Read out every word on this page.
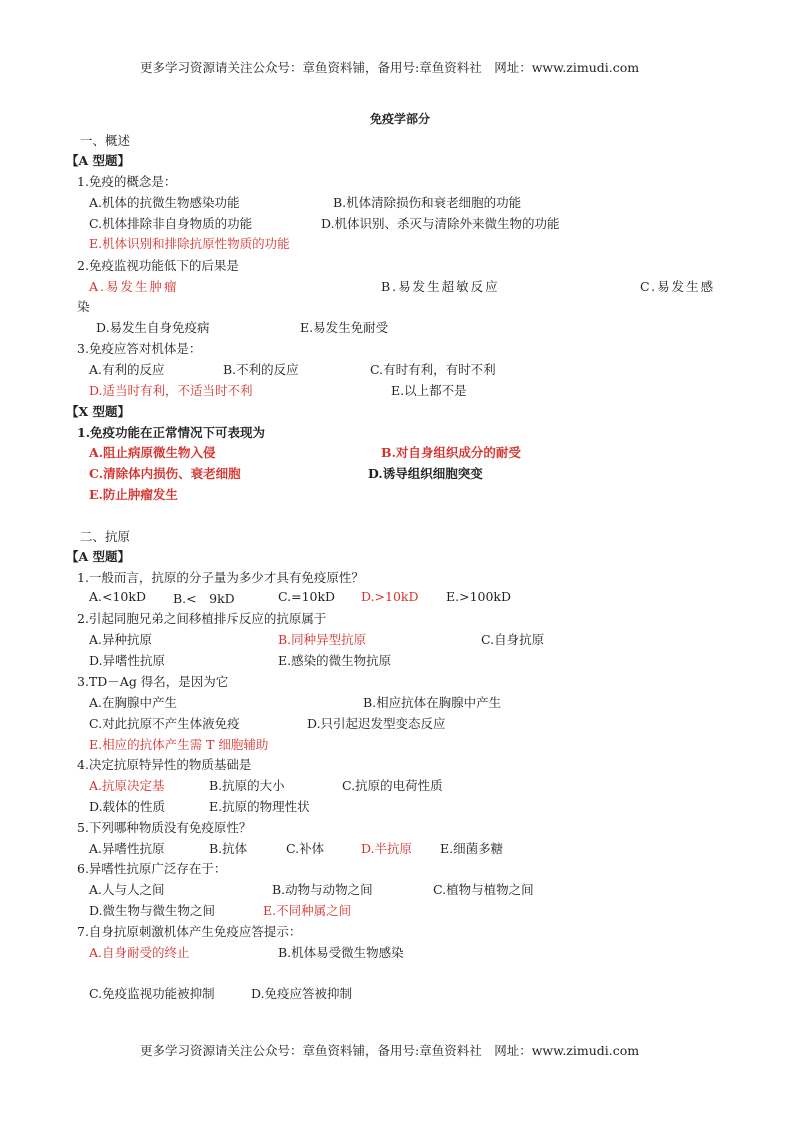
更多学习资源请关注公众号：章鱼资料铺，备用号:章鱼资料社　网址：www.zimudi.com
免疫学部分
一、概述
【A 型题】
1.免疫的概念是：
A.机体的抗微生物感染功能	B.机体清除损伤和衰老细胞的功能
C.机体排除非自身物质的功能	D.机体识别、杀灭与清除外来微生物的功能
E.机体识别和排除抗原性物质的功能
2.免疫监视功能低下的后果是
A.易发生肿瘤	B.易发生超敏反应	C.易发生感
染
D.易发生自身免疫病	E.易发生免耐受
3.免疫应答对机体是：
A.有利的反应	B.不利的反应	C.有时有利，有时不利
D.适当时有利，不适当时不利	E.以上都不是
【X 型题】
1.免疫功能在正常情况下可表现为
A.阻止病原微生物入侵	B.对自身组织成分的耐受
C.清除体内损伤、衰老细胞	D.诱导组织细胞突变
E.防止肿瘤发生
二、抗原
【A 型题】
1.一般而言，抗原的分子量为多少才具有免疫原性？
A.<10kD B.<　9kD	C.=10kD D.>10kD E.>100kD
2.引起同胞兄弟之间移植排斥反应的抗原属于
A.异种抗原	B.同种异型抗原	C.自身抗原
D.异嗜性抗原	E.感染的微生物抗原
3.TD－Ag 得名，是因为它
A.在胸腺中产生	B.相应抗体在胸腺中产生
C.对此抗原不产生体液免疫	D.只引起迟发型变态反应
E.相应的抗体产生需 T 细胞辅助
4.决定抗原特异性的物质基础是
A.抗原决定基	B.抗原的大小	C.抗原的电荷性质
D.载体的性质	E.抗原的物理性状
5.下列哪种物质没有免疫原性？
A.异嗜性抗原	B.抗体	C.补体	D.半抗原 E.细菌多糖
6.异嗜性抗原广泛存在于：
A.人与人之间	B.动物与动物之间	C.植物与植物之间
D.微生物与微生物之间	E.不同种属之间
7.自身抗原刺激机体产生免疫应答提示：
A.自身耐受的终止	B.机体易受微生物感染
C.免疫监视功能被抑制	D.免疫应答被抑制
更多学习资源请关注公众号：章鱼资料铺，备用号:章鱼资料社　网址：www.zimudi.com
